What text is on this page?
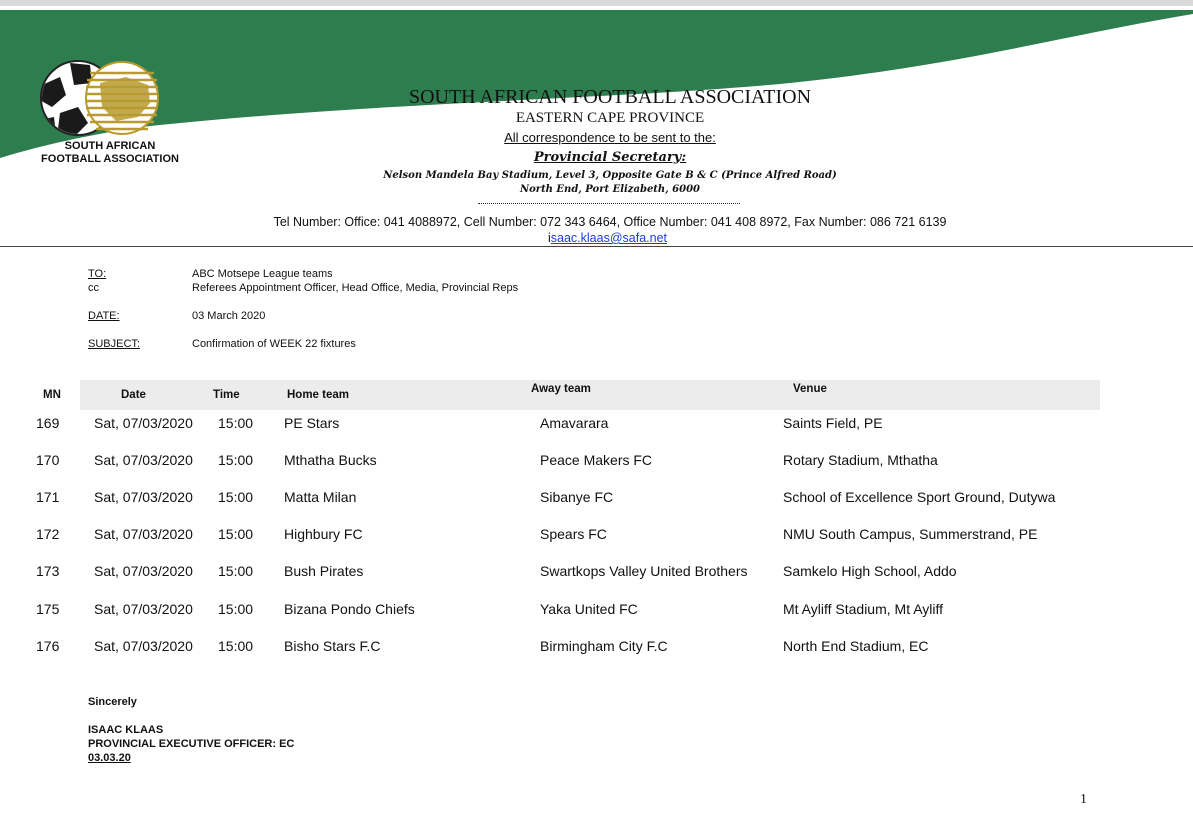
SOUTH AFRICAN
FOOTBALL ASSOCIATION
SOUTH AFRICAN FOOTBALL ASSOCIATION
EASTERN CAPE PROVINCE
All correspondence to be sent to the:
Provincial Secretary:
Nelson Mandela Bay Stadium, Level 3, Opposite Gate B & C (Prince Alfred Road)
North End, Port Elizabeth, 6000
Tel Number: Office: 041 4088972, Cell Number: 072 343 6464, Office Number: 041 408 8972, Fax Number: 086 721 6139
isaac.klaas@safa.net
TO:	ABC Motsepe League teams
cc	Referees Appointment Officer, Head Office, Media, Provincial Reps
DATE:	03 March 2020
SUBJECT:	Confirmation of WEEK 22 fixtures
MN	Date	Time	Home team	Away team	Venue
169 Sat, 07/03/2020 15:00 PE Stars	Amavarara	Saints Field, PE
170 Sat, 07/03/2020 15:00 Mthatha Bucks	Peace Makers FC	Rotary Stadium, Mthatha
171 Sat, 07/03/2020 15:00 Matta Milan	Sibanye FC	School of Excellence Sport Ground, Dutywa
172 Sat, 07/03/2020 15:00 Highbury FC	Spears FC	NMU South Campus, Summerstrand, PE
173 Sat, 07/03/2020 15:00 Bush Pirates	Swartkops Valley United Brothers	Samkelo High School, Addo
175 Sat, 07/03/2020 15:00 Bizana Pondo Chiefs	Yaka United FC	Mt Ayliff Stadium, Mt Ayliff
176 Sat, 07/03/2020 15:00 Bisho Stars F.C	Birmingham City F.C	North End Stadium, EC
Sincerely
ISAAC KLAAS
PROVINCIAL EXECUTIVE OFFICER: EC
03.03.20
1
